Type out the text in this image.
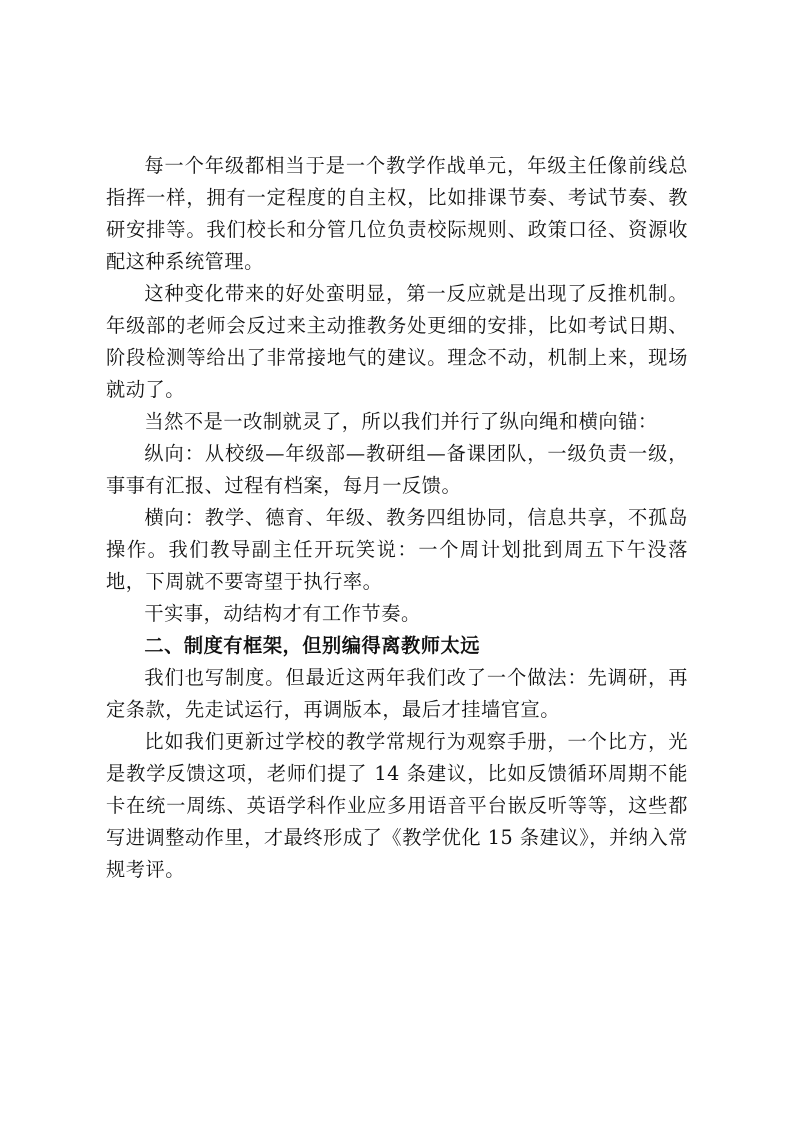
每一个年级都相当于是一个教学作战单元，年级主任像前线总指挥一样，拥有一定程度的自主权，比如排课节奏、考试节奏、教研安排等。我们校长和分管几位负责校际规则、政策口径、资源收配这种系统管理。

这种变化带来的好处蛮明显，第一反应就是出现了反推机制。年级部的老师会反过来主动推教务处更细的安排，比如考试日期、阶段检测等给出了非常接地气的建议。理念不动，机制上来，现场就动了。

当然不是一改制就灵了，所以我们并行了纵向绳和横向锚：

纵向：从校级—年级部—教研组—备课团队，一级负责一级，事事有汇报、过程有档案，每月一反馈。

横向：教学、德育、年级、教务四组协同，信息共享，不孤岛操作。我们教导副主任开玩笑说：一个周计划批到周五下午没落地，下周就不要寄望于执行率。

干实事，动结构才有工作节奏。

二、制度有框架，但别编得离教师太远

我们也写制度。但最近这两年我们改了一个做法：先调研，再定条款，先走试运行，再调版本，最后才挂墙官宣。

比如我们更新过学校的教学常规行为观察手册，一个比方，光是教学反馈这项，老师们提了 14 条建议，比如反馈循环周期不能卡在统一周练、英语学科作业应多用语音平台嵌反听等等，这些都写进调整动作里，才最终形成了《教学优化 15 条建议》，并纳入常规考评。
